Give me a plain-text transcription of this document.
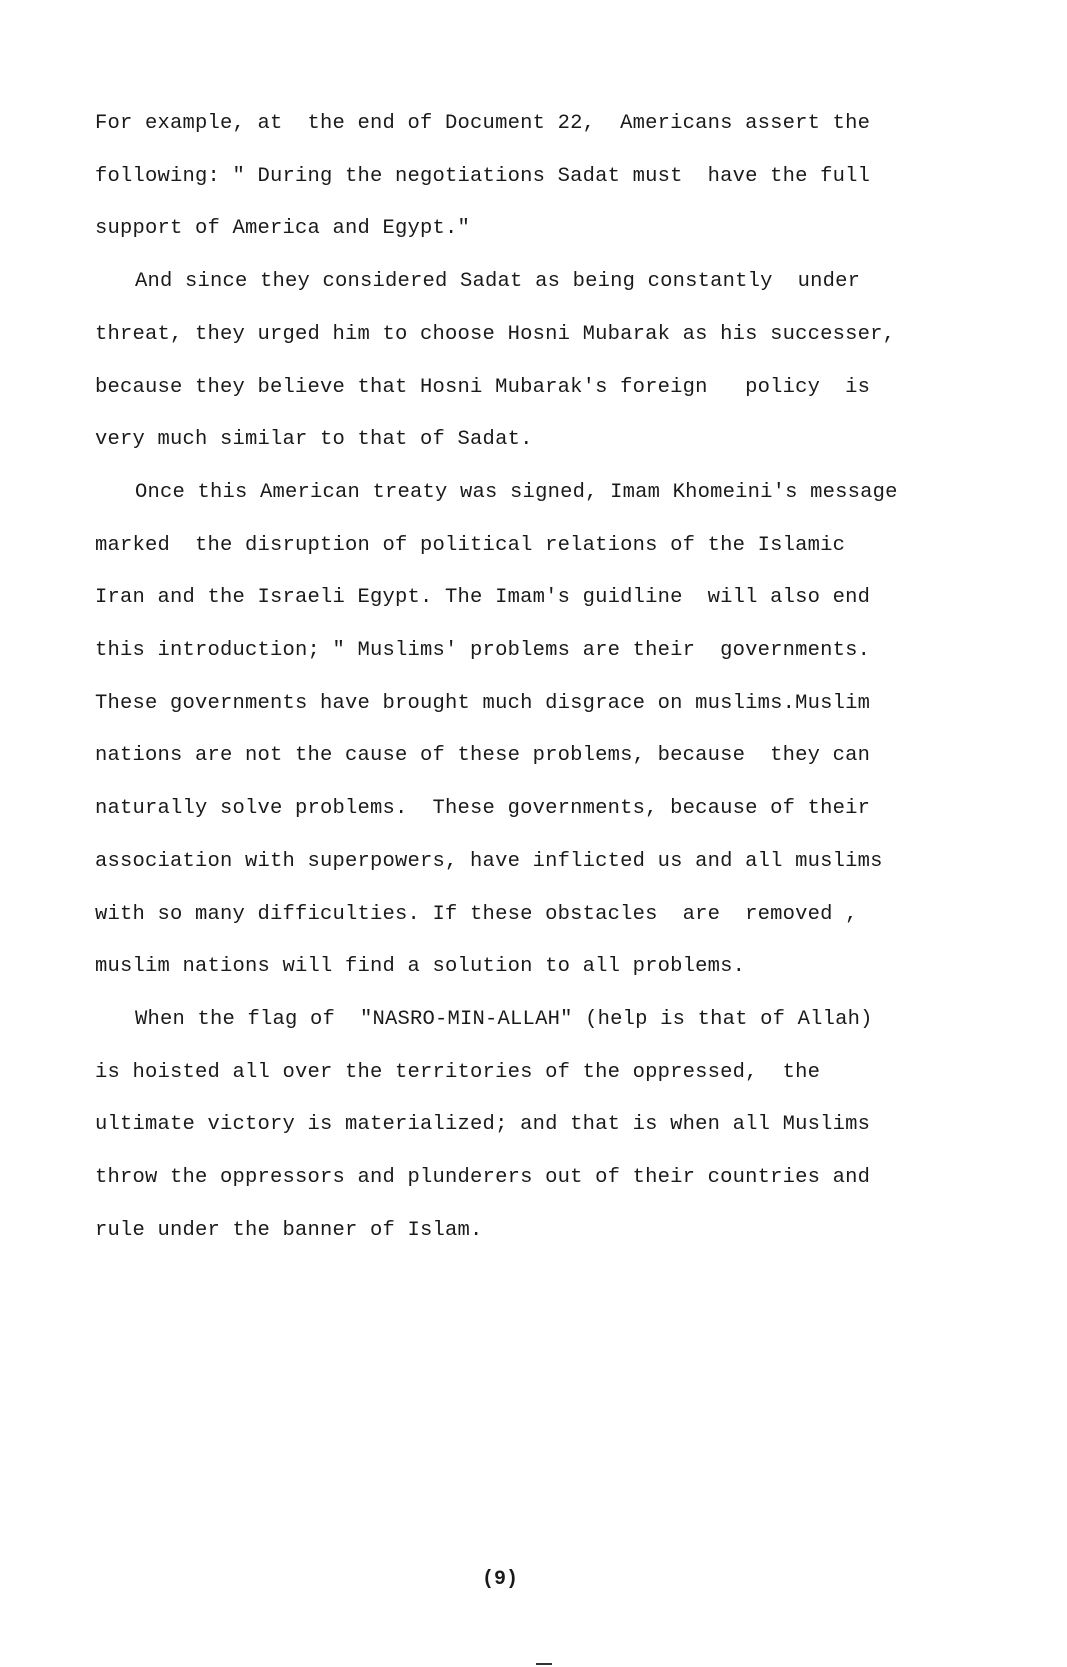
For example, at  the end of Document 22,  Americans assert the
following: " During the negotiations Sadat must  have the full
support of America and Egypt."
And since they considered Sadat as being constantly  under
threat, they urged him to choose Hosni Mubarak as his successer,
because they believe that Hosni Mubarak's foreign   policy  is
very much similar to that of Sadat.
Once this American treaty was signed, Imam Khomeini's message
marked  the disruption of political relations of the Islamic
Iran and the Israeli Egypt. The Imam's guidline  will also end
this introduction; " Muslims' problems are their  governments.
These governments have brought much disgrace on muslims.Muslim
nations are not the cause of these problems, because  they can
naturally solve problems.  These governments, because of their
association with superpowers, have inflicted us and all muslims
with so many difficulties. If these obstacles  are  removed ,
muslim nations will find a solution to all problems.
When the flag of  "NASRO-MIN-ALLAH" (help is that of Allah)
is hoisted all over the territories of the oppressed,  the
ultimate victory is materialized; and that is when all Muslims
throw the oppressors and plunderers out of their countries and
rule under the banner of Islam.
(9)
